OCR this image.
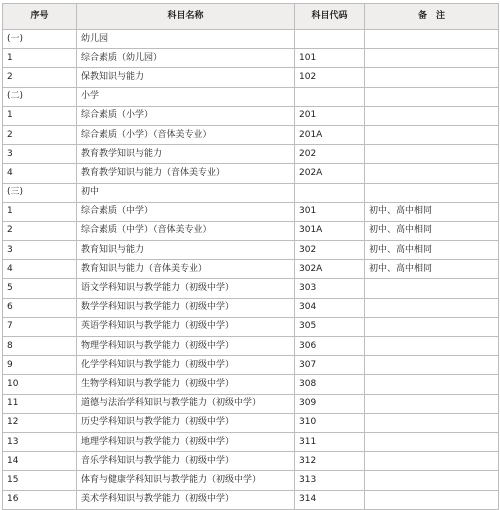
序号	科目名称	科目代码	备　注
(一)	幼儿园		
1	综合素质（幼儿园）	101	
2	保教知识与能力	102	
(二)	小学		
1	综合素质（小学）	201	
2	综合素质（小学）（音体美专业）	201A	
3	教育教学知识与能力	202	
4	教育教学知识与能力（音体美专业）	202A	
(三)	初中		
1	综合素质（中学）	301	初中、高中相同
2	综合素质（中学）（音体美专业）	301A	初中、高中相同
3	教育知识与能力	302	初中、高中相同
4	教育知识与能力（音体美专业）	302A	初中、高中相同
5	语文学科知识与教学能力（初级中学）	303	
6	数学学科知识与教学能力（初级中学）	304	
7	英语学科知识与教学能力（初级中学）	305	
8	物理学科知识与教学能力（初级中学）	306	
9	化学学科知识与教学能力（初级中学）	307	
10	生物学科知识与教学能力（初级中学）	308	
11	道德与法治学科知识与教学能力（初级中学）	309	
12	历史学科知识与教学能力（初级中学）	310	
13	地理学科知识与教学能力（初级中学）	311	
14	音乐学科知识与教学能力（初级中学）	312	
15	体育与健康学科知识与教学能力（初级中学）	313	
16	美术学科知识与教学能力（初级中学）	314	
